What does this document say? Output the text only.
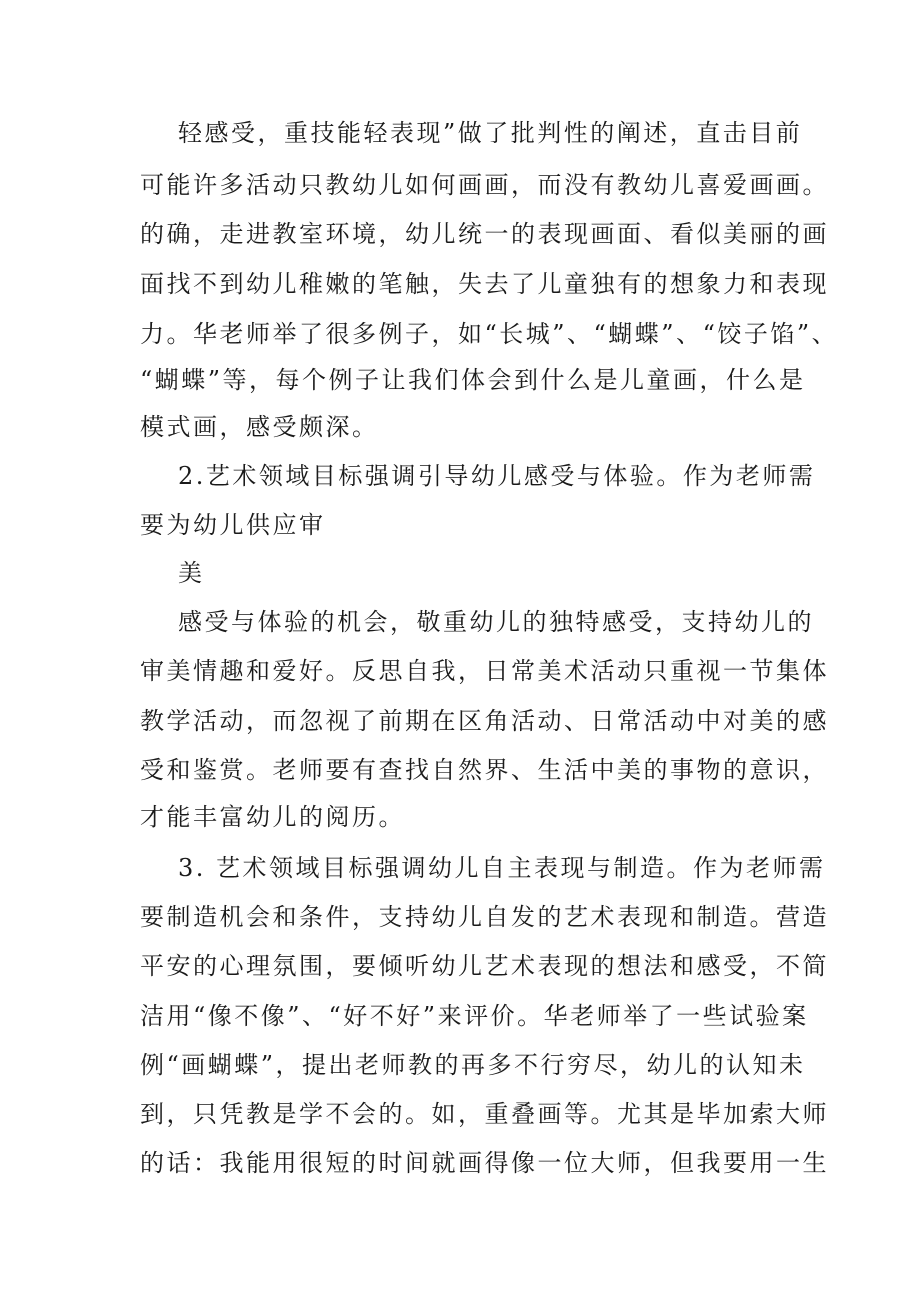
轻感受，重技能轻表现”做了批判性的阐述，直击目前
可能许多活动只教幼儿如何画画，而没有教幼儿喜爱画画。
的确，走进教室环境，幼儿统一的表现画面、看似美丽的画
面找不到幼儿稚嫩的笔触，失去了儿童独有的想象力和表现
力。华老师举了很多例子，如“长城”、“蝴蝶”、“饺子馅”、
“蝴蝶”等，每个例子让我们体会到什么是儿童画，什么是
模式画，感受颇深。
2.艺术领域目标强调引导幼儿感受与体验。作为老师需
要为幼儿供应审
美
感受与体验的机会，敬重幼儿的独特感受，支持幼儿的
审美情趣和爱好。反思自我，日常美术活动只重视一节集体
教学活动，而忽视了前期在区角活动、日常活动中对美的感
受和鉴赏。老师要有查找自然界、生活中美的事物的意识，
才能丰富幼儿的阅历。
3. 艺术领域目标强调幼儿自主表现与制造。作为老师需
要制造机会和条件，支持幼儿自发的艺术表现和制造。营造
平安的心理氛围，要倾听幼儿艺术表现的想法和感受，不简
洁用“像不像”、“好不好”来评价。华老师举了一些试验案
例“画蝴蝶”，提出老师教的再多不行穷尽，幼儿的认知未
到，只凭教是学不会的。如，重叠画等。尤其是毕加索大师
的话：我能用很短的时间就画得像一位大师，但我要用一生
